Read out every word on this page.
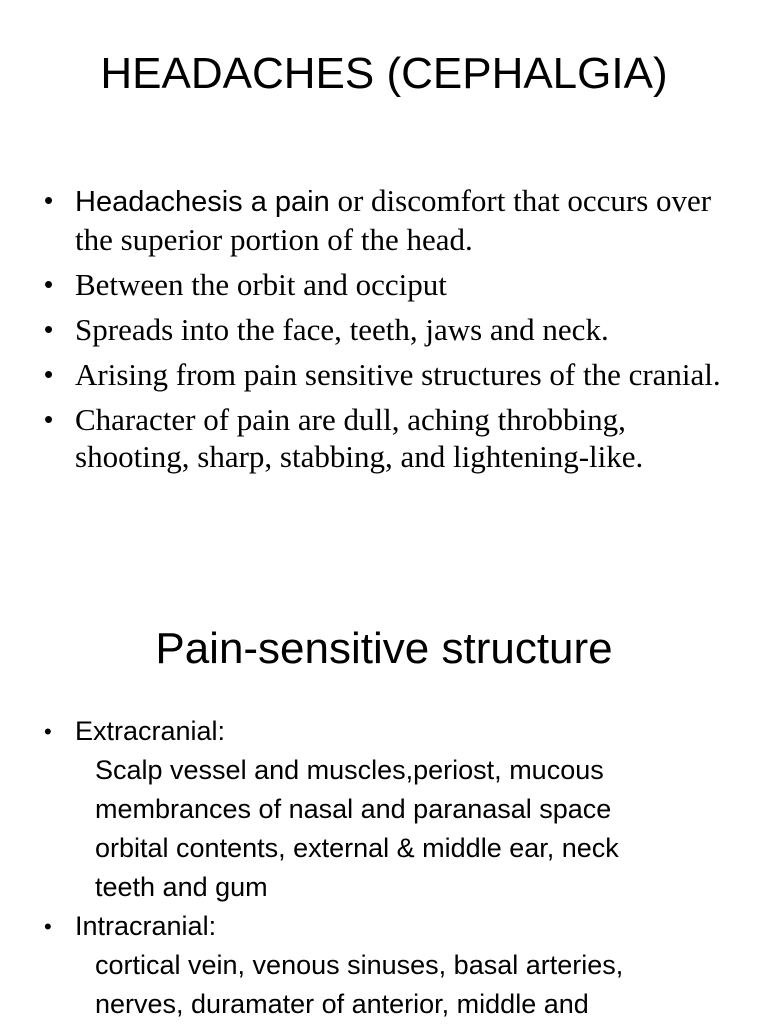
HEADACHES (CEPHALGIA)
• Headachesis a pain or discomfort that occurs over the superior portion of the head.
• Between the orbit and occiput
• Spreads into the face, teeth, jaws and neck.
• Arising from pain sensitive structures of the cranial.
• Character of pain are dull, aching throbbing, shooting, sharp, stabbing, and lightening-like.
Pain-sensitive structure
• Extracranial:
Scalp vessel and muscles,periost, mucous
membrances of nasal and paranasal space
orbital contents, external & middle ear, neck
teeth and gum
• Intracranial:
cortical vein, venous sinuses, basal arteries,
nerves, duramater of anterior, middle and
